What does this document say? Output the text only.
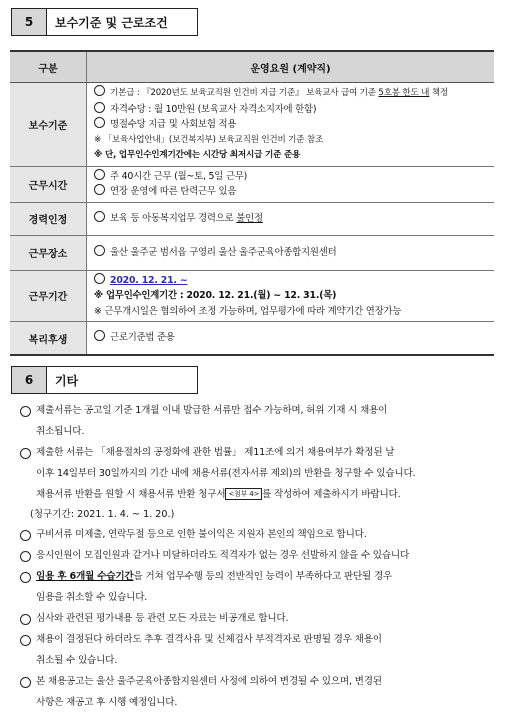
5	보수기준 및 근로조건
구분	운영요원 (계약직)
보수기준	기본급 : 『2020년도 보육교직원 인건비 지급 기준』 보육교사 급여 기준 5호봉 한도 내 책정
자격수당 : 월 10만원 (보육교사 자격소지자에 한함)
명절수당 지급 및 사회보험 적용
※ 「보육사업안내」(보건복지부) 보육교직원 인건비 기준 참조
※ 단, 업무인수인계기간에는 시간당 최저시급 기준 준용

근무시간	주 40시간 근무 (월~토, 5일 근무)
연장 운영에 따른 탄력근무 있음

경력인정	보육 등 아동복지업무 경력으로 불인정

근무장소	울산 울주군 범서읍 구영리 울산 울주군육아종합지원센터

근무기간	2020. 12. 21. ~
※ 업무인수인계기간 : 2020. 12. 21.(월) ~ 12. 31.(목)
※ 근무개시일은 협의하여 조정 가능하며, 업무평가에 따라 계약기간 연장가능

복리후생	근로기준법 준용
6	기타
제출서류는 공고일 기준 1개월 이내 발급한 서류만 접수 가능하며, 허위 기재 시 채용이
취소됩니다.
제출한 서류는 「채용절차의 공정화에 관한 법률」 제11조에 의거 채용여부가 확정된 날
이후 14일부터 30일까지의 기간 내에 채용서류(전자서류 제외)의 반환을 청구할 수 있습니다.
채용서류 반환을 원할 시 채용서류 반환 청구서 <첨부 4> 를 작성하여 제출하시기 바랍니다.
(청구기간: 2021. 1. 4. ~ 1. 20.)
구비서류 미제출, 연락두절 등으로 인한 불이익은 지원자 본인의 책임으로 합니다.
응시인원이 모집인원과 같거나 미달하더라도 적격자가 없는 경우 선발하지 않을 수 있습니다
임용 후 6개월 수습기간을 거쳐 업무수행 등의 전반적인 능력이 부족하다고 판단될 경우
임용을 취소할 수 있습니다.
심사와 관련된 평가내용 등 관련 모든 자료는 비공개로 합니다.
채용이 결정된다 하더라도 추후 결격사유 및 신체검사 부적격자로 판명될 경우 채용이
취소될 수 있습니다.
본 채용공고는 울산 울주군육아종합지원센터 사정에 의하여 변경될 수 있으며, 변경된
사항은 재공고 후 시행 예정입니다.
